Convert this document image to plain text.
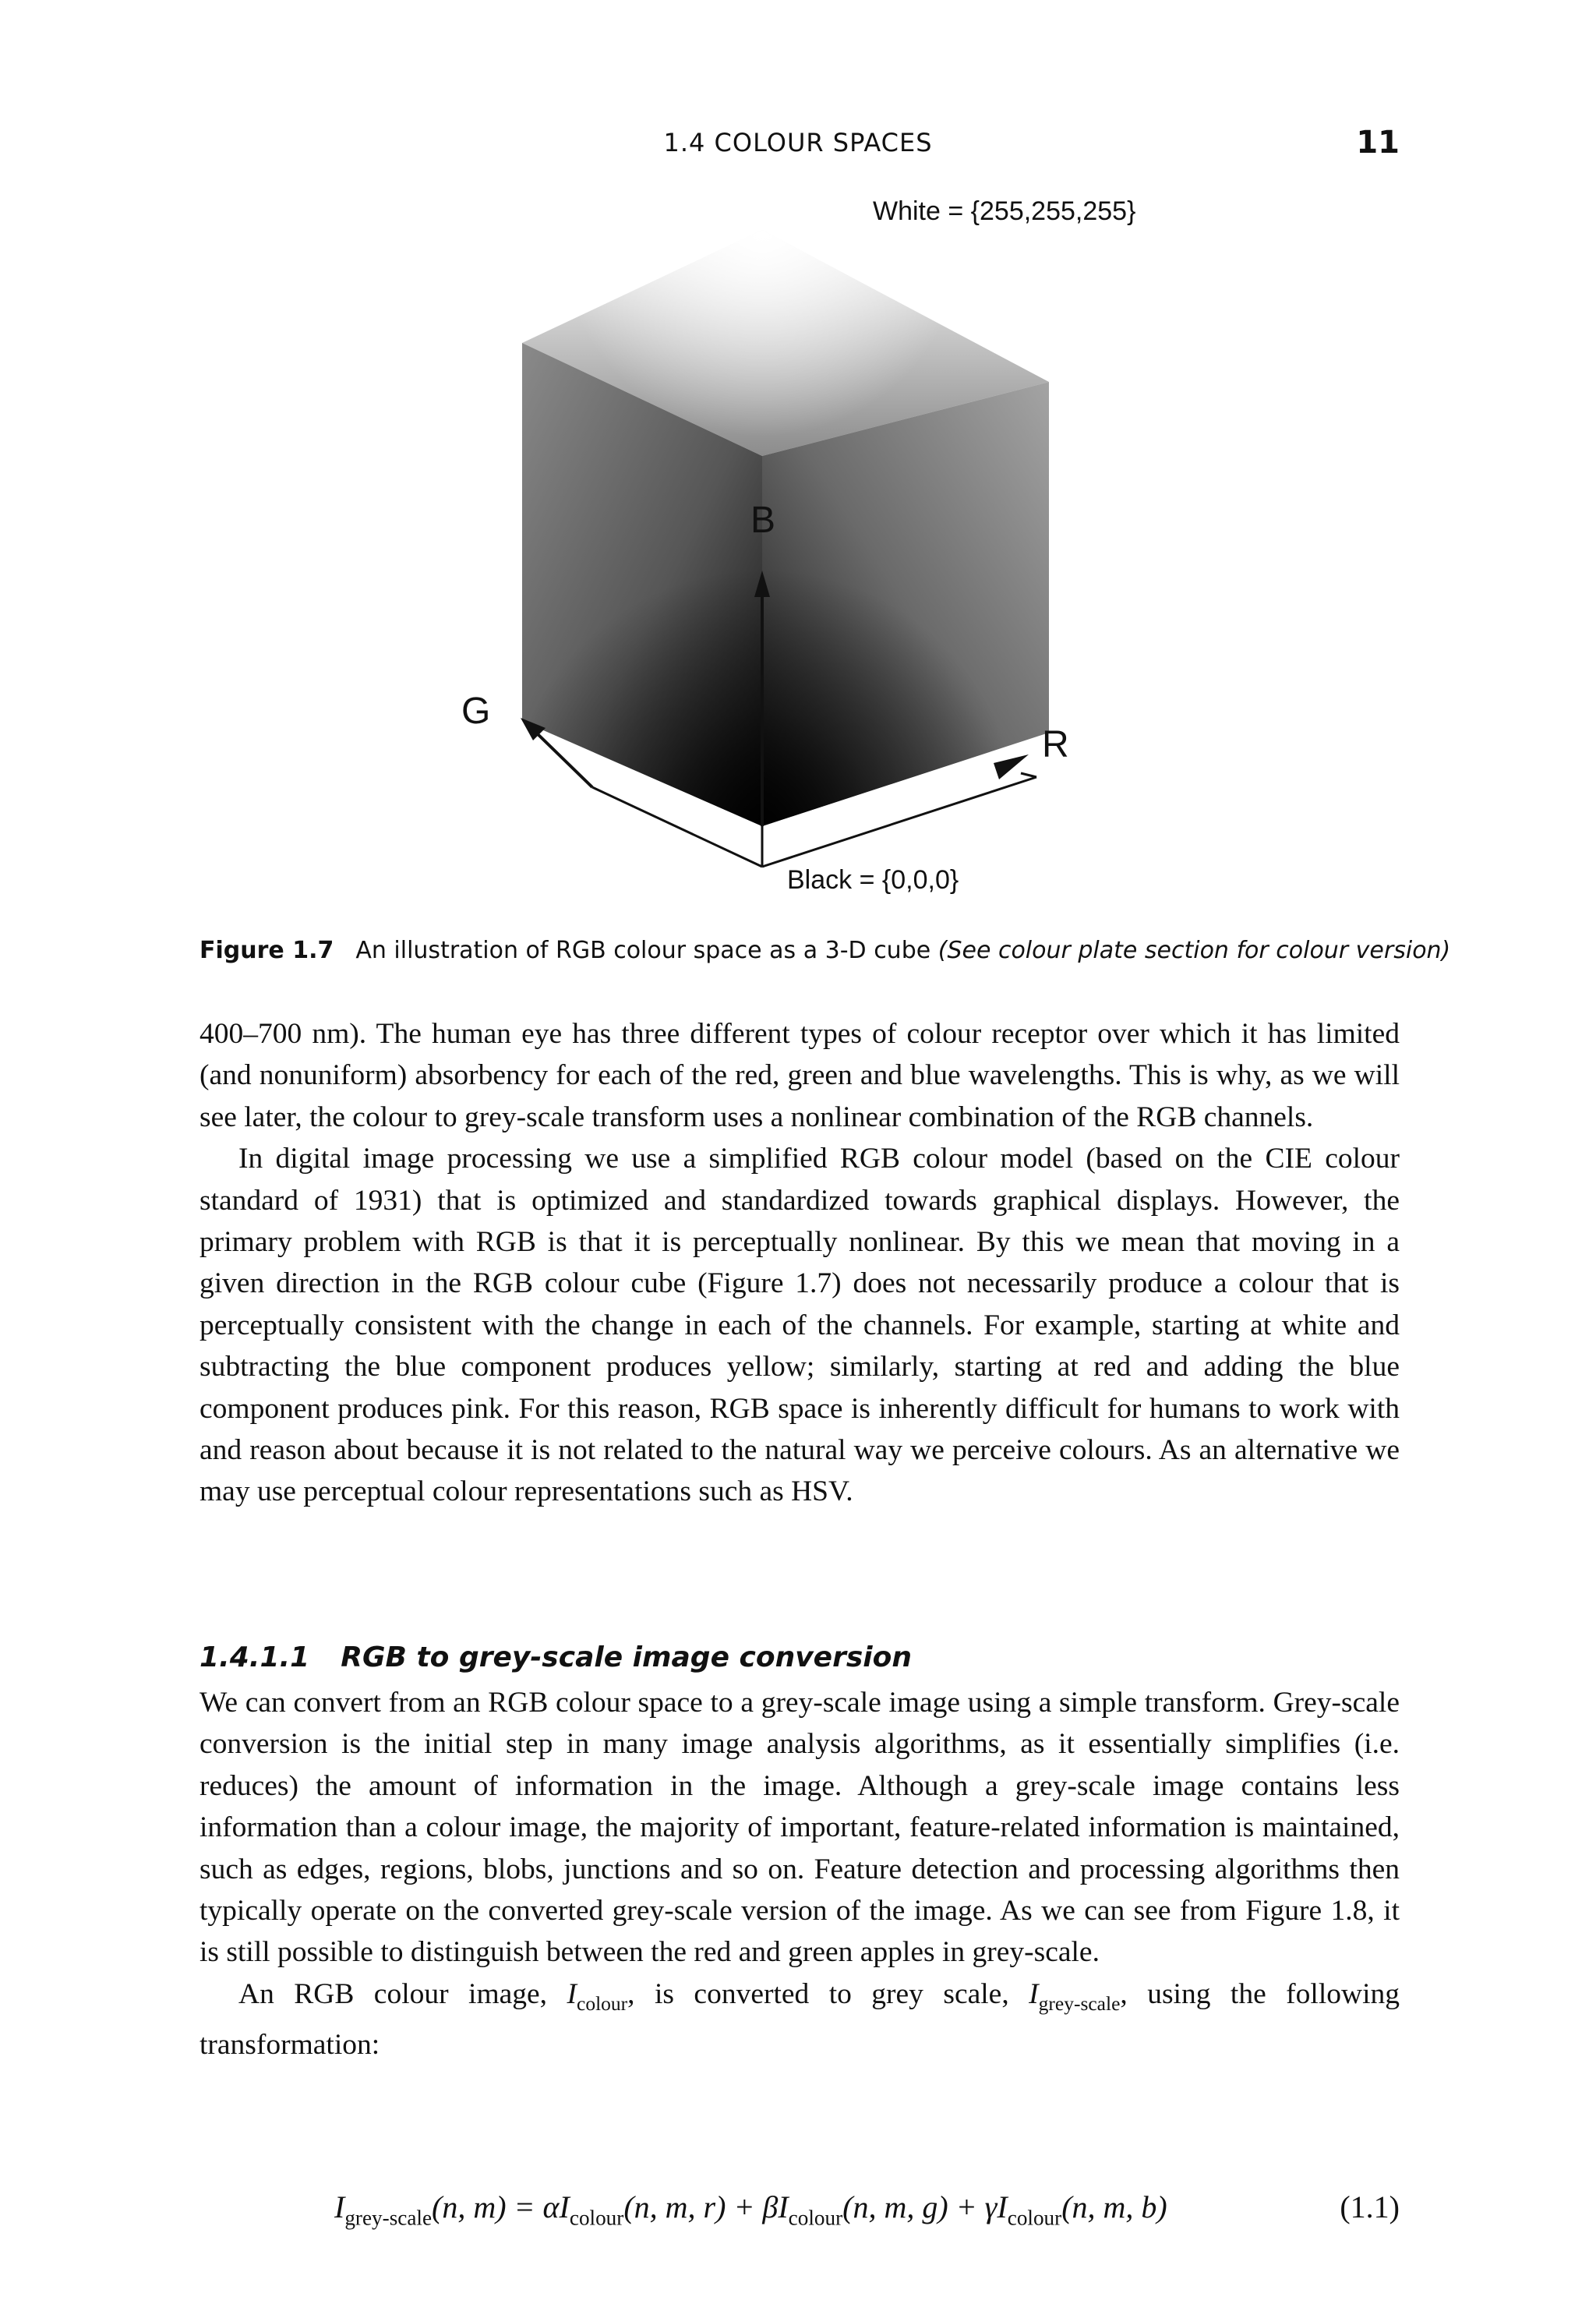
1.4 COLOUR SPACES	11
White = {255,255,255}
Black = {0,0,0}
B
G
R
Figure 1.7 An illustration of RGB colour space as a 3-D cube (See colour plate section for colour version)

400–700 nm). The human eye has three different types of colour receptor over which it has limited (and nonuniform) absorbency for each of the red, green and blue wavelengths. This is why, as we will see later, the colour to grey-scale transform uses a nonlinear combination of the RGB channels.

In digital image processing we use a simplified RGB colour model (based on the CIE colour standard of 1931) that is optimized and standardized towards graphical displays. However, the primary problem with RGB is that it is perceptually nonlinear. By this we mean that moving in a given direction in the RGB colour cube (Figure 1.7) does not necessarily produce a colour that is perceptually consistent with the change in each of the channels. For example, starting at white and subtracting the blue component produces yellow; similarly, starting at red and adding the blue component produces pink. For this reason, RGB space is inherently difficult for humans to work with and reason about because it is not related to the natural way we perceive colours. As an alternative we may use perceptual colour representations such as HSV.

1.4.1.1 RGB to grey-scale image conversion

We can convert from an RGB colour space to a grey-scale image using a simple transform. Grey-scale conversion is the initial step in many image analysis algorithms, as it essentially simplifies (i.e. reduces) the amount of information in the image. Although a grey-scale image contains less information than a colour image, the majority of important, feature-related information is maintained, such as edges, regions, blobs, junctions and so on. Feature detection and processing algorithms then typically operate on the converted grey-scale version of the image. As we can see from Figure 1.8, it is still possible to distinguish between the red and green apples in grey-scale.

An RGB colour image, $I_{colour}$, is converted to grey scale, $I_{grey-scale}$, using the following transformation:

$I_{grey-scale}(n$, $m) = \alpha I_{colour}(n$, m, $r) + \beta I_{colour}(n$, m, $g) + \gamma I_{colour}(n$, m, b)	(1.1)
